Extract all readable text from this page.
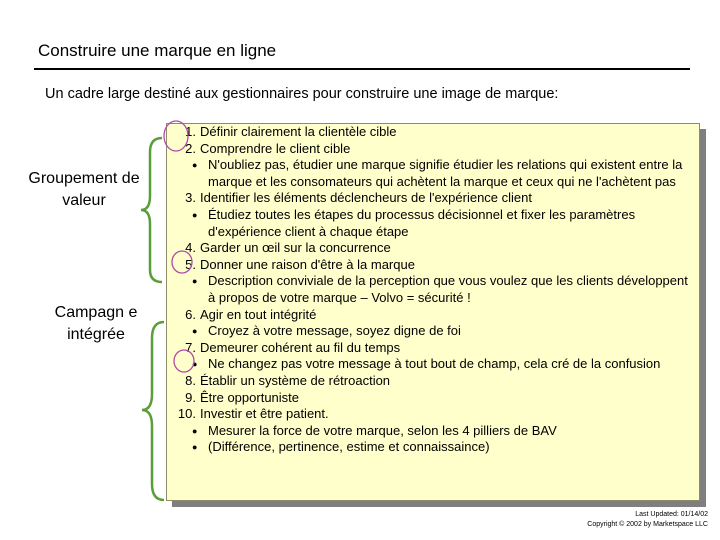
Construire une marque en ligne
Un cadre large destiné aux gestionnaires pour construire une image de marque:
Groupement de valeur
Campagn e intégrée
1. Définir clairement la clientèle cible
2. Comprendre le client cible
● N'oubliez pas, étudier une marque signifie étudier les relations qui existent entre la marque et les consomateurs qui achètent la marque et ceux qui ne l'achètent pas
3. Identifier les éléments déclencheurs de l'expérience client
● Étudiez toutes les étapes du processus décisionnel et fixer les paramètres d'expérience client à chaque étape
4. Garder un œil sur la concurrence
5. Donner une raison d'être à la marque
● Description conviviale de la perception que vous voulez que les clients développent à propos de votre marque – Volvo = sécurité !
6. Agir en tout intégrité
● Croyez à votre message, soyez digne de foi
7. Demeurer cohérent au fil du temps
● Ne changez pas votre message à tout bout de champ, cela cré de la confusion
8. Établir un système de rétroaction
9. Être opportuniste
10. Investir et être patient.
● Mesurer la force de votre marque, selon les 4 pilliers de BAV
● (Différence, pertinence, estime et connaissaince)
Last Updated: 01/14/02
Copyright © 2002 by Marketspace LLC
